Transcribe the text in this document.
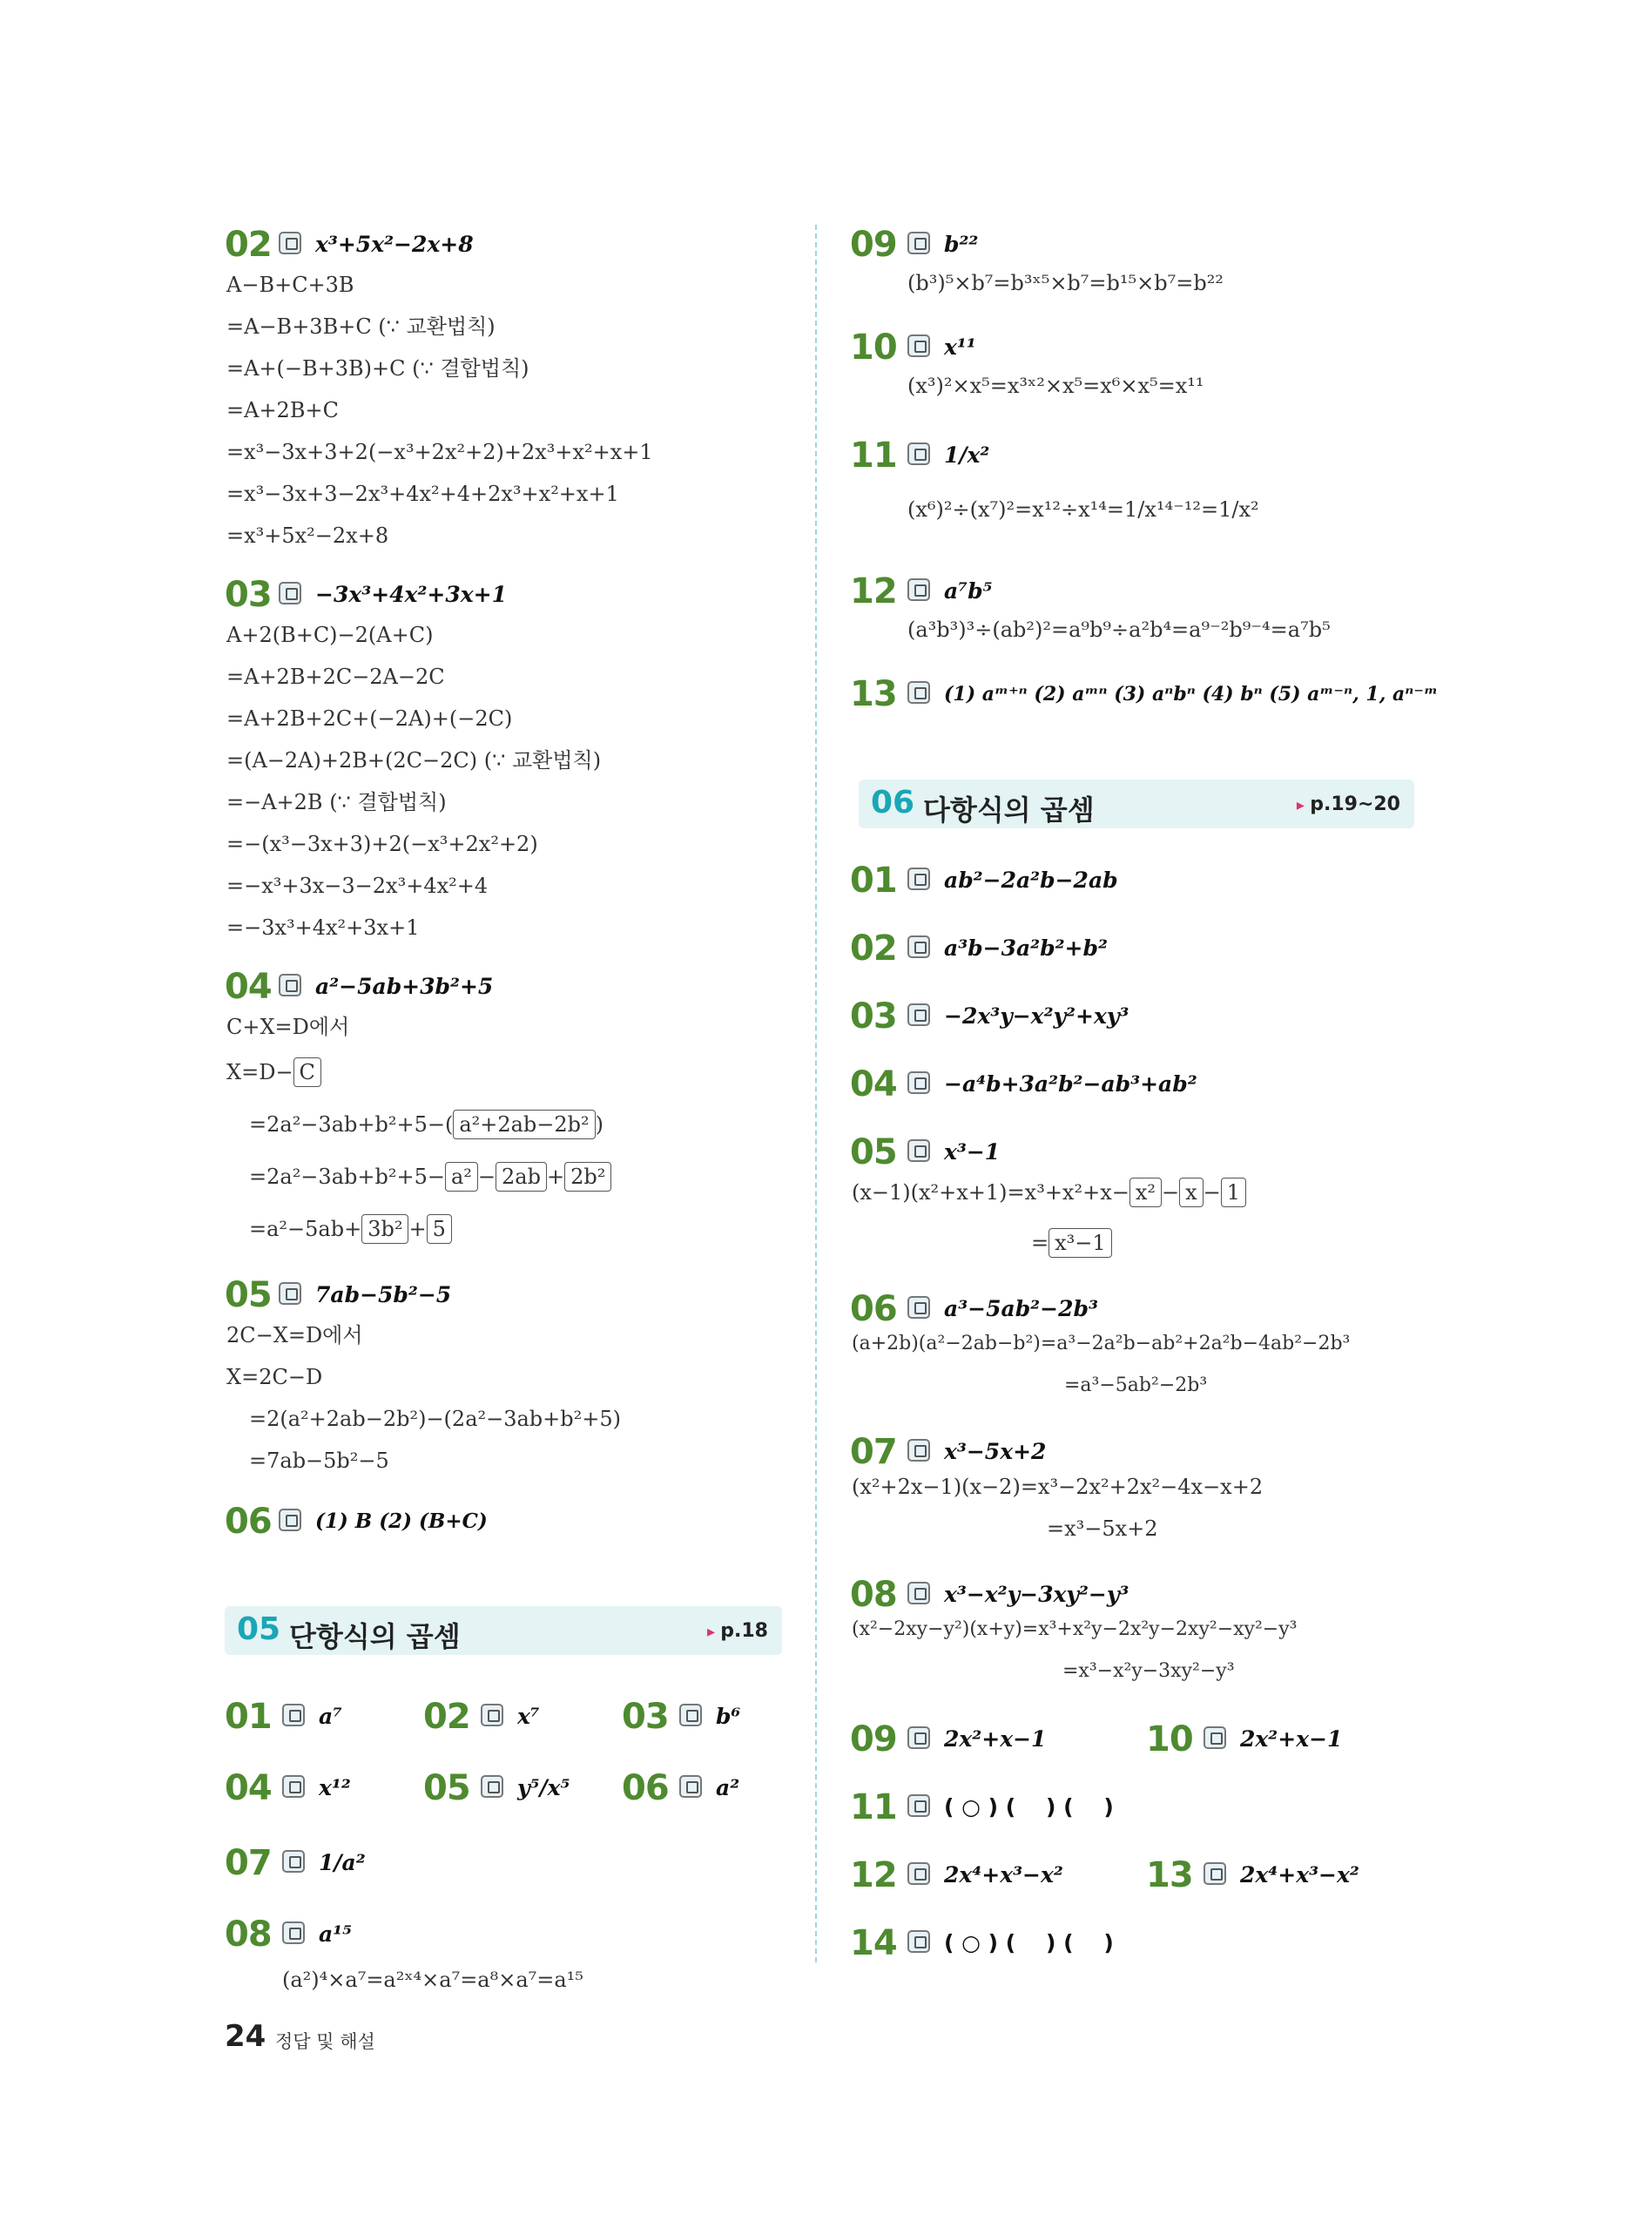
02 x³+5x²−2x+8
A−B+C+3B
=A−B+3B+C (∵ 교환법칙)
=A+(−B+3B)+C (∵ 결합법칙)
=A+2B+C
=x³−3x+3+2(−x³+2x²+2)+2x³+x²+x+1
=x³−3x+3−2x³+4x²+4+2x³+x²+x+1
=x³+5x²−2x+8
03 −3x³+4x²+3x+1
A+2(B+C)−2(A+C)
=A+2B+2C−2A−2C
=A+2B+2C+(−2A)+(−2C)
=(A−2A)+2B+(2C−2C) (∵ 교환법칙)
=−A+2B (∵ 결합법칙)
=−(x³−3x+3)+2(−x³+2x²+2)
=−x³+3x−3−2x³+4x²+4
=−3x³+4x²+3x+1
04 a²−5ab+3b²+5
C+X=D에서
X=D− C
=2a²−3ab+b²+5−( a²+2ab−2b² )
=2a²−3ab+b²+5− a² − 2ab + 2b²
=a²−5ab+ 3b² + 5
05 7ab−5b²−5
2C−X=D에서
X=2C−D
=2(a²+2ab−2b²)−(2a²−3ab+b²+5)
=7ab−5b²−5
06 (1) B (2) (B+C)
05 단항식의 곱셈	▸ p.18
01 a⁷ 02 x⁷ 03 b⁶
04 x¹² 05 y⁵/x⁵ 06 a²
07 1/a²
08 a¹⁵
(a²)⁴×a⁷=a²ˣ⁴×a⁷=a⁸×a⁷=a¹⁵
09 b²²
(b³)⁵×b⁷=b³ˣ⁵×b⁷=b¹⁵×b⁷=b²²
10 x¹¹
(x³)²×x⁵=x³ˣ²×x⁵=x⁶×x⁵=x¹¹
11 1/x²
(x⁶)²÷(x⁷)²=x¹²÷x¹⁴=1/x¹⁴⁻¹²=1/x²
12 a⁷b⁵
(a³b³)³÷(ab²)²=a⁹b⁹÷a²b⁴=a⁹⁻²b⁹⁻⁴=a⁷b⁵
13 (1) aᵐ⁺ⁿ (2) aᵐⁿ (3) aⁿbⁿ (4) bⁿ (5) aᵐ⁻ⁿ, 1, aⁿ⁻ᵐ
06 다항식의 곱셈	▸ p.19~20
01 ab²−2a²b−2ab
02 a³b−3a²b²+b²
03 −2x³y−x²y²+xy³
04 −a⁴b+3a²b²−ab³+ab²
05 x³−1
(x−1)(x²+x+1)=x³+x²+x− x² − x − 1
= x³−1
06 a³−5ab²−2b³
(a+2b)(a²−2ab−b²)=a³−2a²b−ab²+2a²b−4ab²−2b³
=a³−5ab²−2b³
07 x³−5x+2
(x²+2x−1)(x−2)=x³−2x²+2x²−4x−x+2
=x³−5x+2
08 x³−x²y−3xy²−y³
(x²−2xy−y²)(x+y)=x³+x²y−2x²y−2xy²−xy²−y³
=x³−x²y−3xy²−y³
09 2x²+x−1	10 2x²+x−1
11 ( ○ ) (    ) (    )
12 2x⁴+x³−x² 13 2x⁴+x³−x²
14 ( ○ ) (    ) (    )
24 정답 및 해설
